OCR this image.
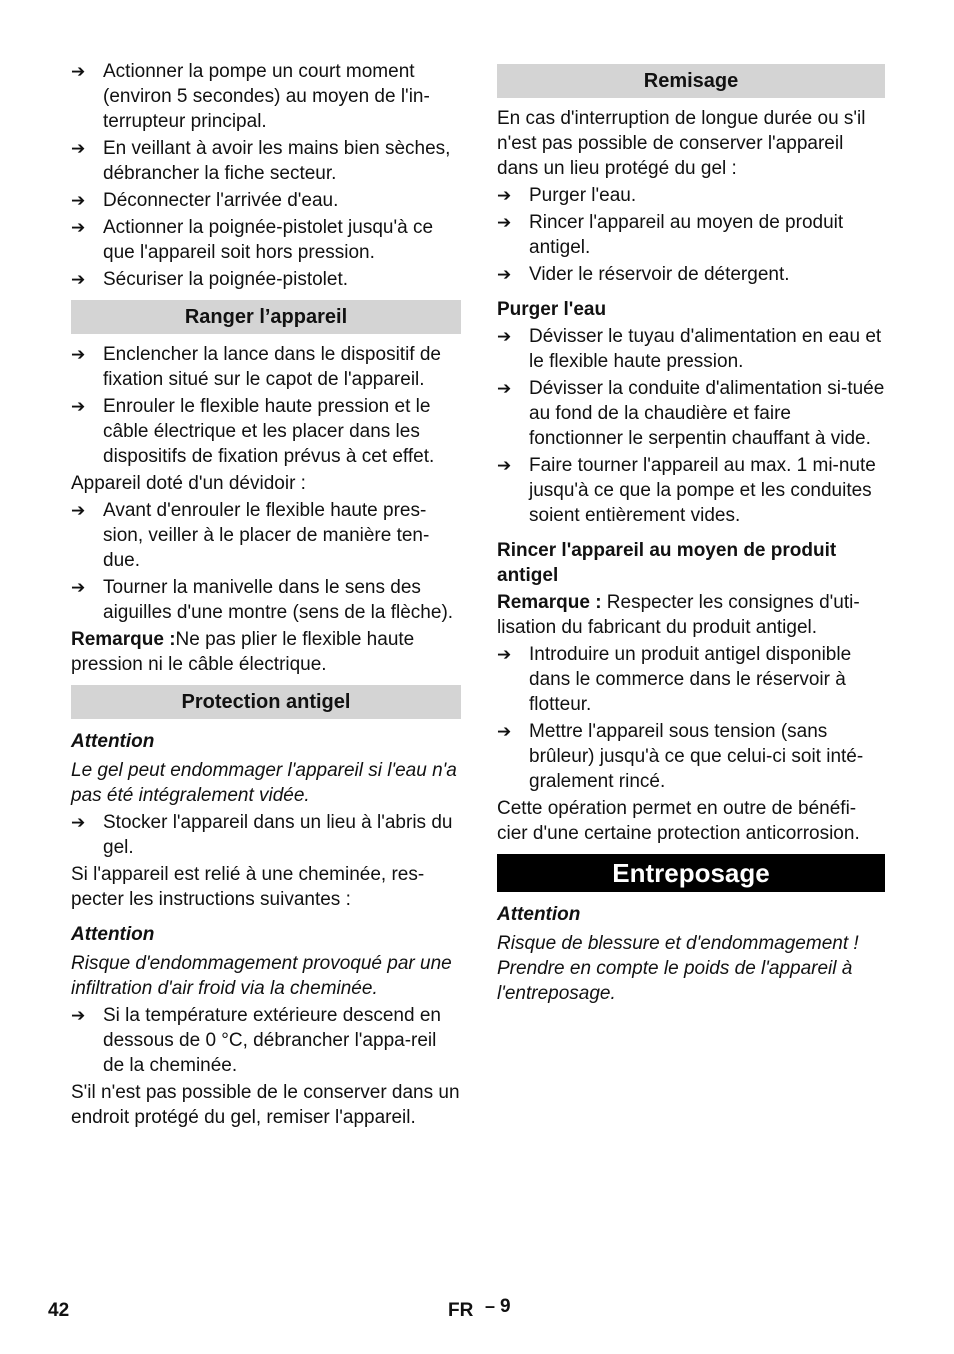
➔ Actionner la pompe un court moment (environ 5 secondes) au moyen de l'in-terrupteur principal.
➔ En veillant à avoir les mains bien sèches, débrancher la fiche secteur.
➔ Déconnecter l'arrivée d'eau.
➔ Actionner la poignée-pistolet jusqu'à ce que l'appareil soit hors pression.
➔ Sécuriser la poignée-pistolet.
Ranger l’appareil
➔ Enclencher la lance dans le dispositif de fixation situé sur le capot de l'appareil.
➔ Enrouler le flexible haute pression et le câble électrique et les placer dans les dispositifs de fixation prévus à cet effet.

Appareil doté d'un dévidoir :

➔ Avant d'enrouler le flexible haute pres-sion, veiller à le placer de manière ten-due.
➔ Tourner la manivelle dans le sens des aiguilles d'une montre (sens de la flèche).

Remarque :Ne pas plier le flexible haute pression ni le câble électrique.

Protection antigel
Attention

Le gel peut endommager l'appareil si l'eau n'a pas été intégralement vidée.

➔ Stocker l'appareil dans un lieu à l'abris du gel.

Si l'appareil est relié à une cheminée, res-pecter les instructions suivantes :

Attention

Risque d'endommagement provoqué par une infiltration d'air froid via la cheminée.

➔ Si la température extérieure descend en dessous de 0 °C, débrancher l'appa-reil de la cheminée.

S'il n'est pas possible de le conserver dans un endroit protégé du gel, remiser l'appareil.

Remisage

En cas d'interruption de longue durée ou s'il n'est pas possible de conserver l'appareil dans un lieu protégé du gel :

➔ Purger l'eau.
➔ Rincer l'appareil au moyen de produit antigel.
➔ Vider le réservoir de détergent.
Purger l'eau
➔ Dévisser le tuyau d'alimentation en eau et le flexible haute pression.
➔ Dévisser la conduite d'alimentation si-tuée au fond de la chaudière et faire fonctionner le serpentin chauffant à vide.
➔ Faire tourner l'appareil au max. 1 mi-nute jusqu'à ce que la pompe et les conduites soient entièrement vides.
Rincer l'appareil au moyen de produit antigel

Remarque : Respecter les consignes d'uti-lisation du fabricant du produit antigel.

➔ Introduire un produit antigel disponible dans le commerce dans le réservoir à flotteur.
➔ Mettre l'appareil sous tension (sans brûleur) jusqu'à ce que celui-ci soit inté-gralement rincé.

Cette opération permet en outre de bénéfi-cier d'une certaine protection anticorrosion.

Entreposage
Attention

Risque de blessure et d'endommagement ! Prendre en compte le poids de l'appareil à l'entreposage.

42	FR – 9
